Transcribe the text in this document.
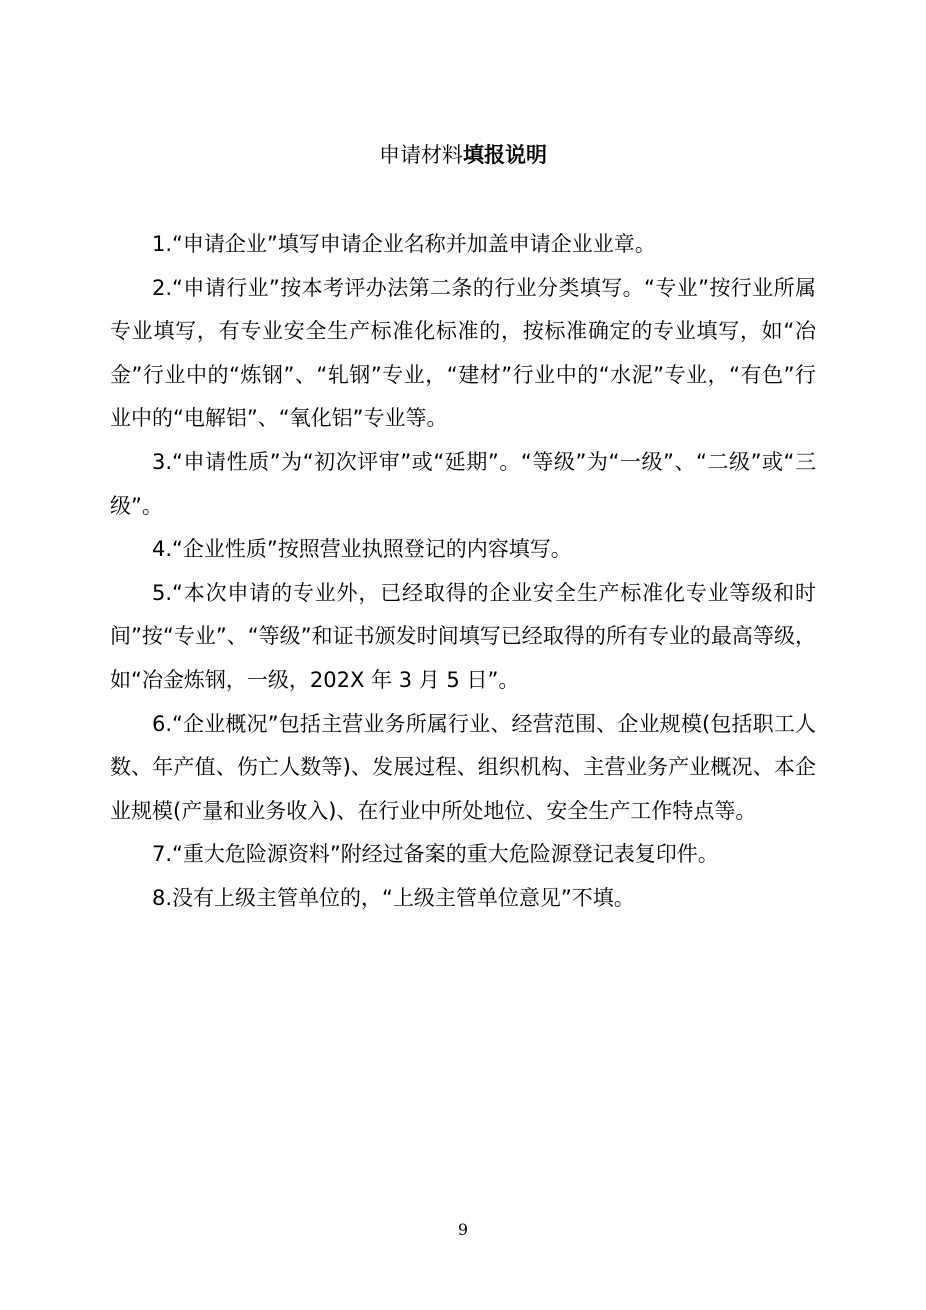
申请材料填报说明

1.“申请企业”填写申请企业名称并加盖申请企业业章。

2.“申请行业”按本考评办法第二条的行业分类填写。“专业”按行业所属专业填写，有专业安全生产标准化标准的，按标准确定的专业填写，如“冶金”行业中的“炼钢”、“轧钢”专业，“建材”行业中的“水泥”专业，“有色”行业中的“电解铝”、“氧化铝”专业等。

3.“申请性质”为“初次评审”或“延期”。“等级”为“一级”、“二级”或“三级”。

4.“企业性质”按照营业执照登记的内容填写。

5.“本次申请的专业外，已经取得的企业安全生产标准化专业等级和时间”按“专业”、“等级”和证书颁发时间填写已经取得的所有专业的最高等级，如“冶金炼钢，一级，202X 年 3 月 5 日”。

6.“企业概况”包括主营业务所属行业、经营范围、企业规模(包括职工人数、年产值、伤亡人数等)、发展过程、组织机构、主营业务产业概况、本企业规模(产量和业务收入)、在行业中所处地位、安全生产工作特点等。

7.“重大危险源资料”附经过备案的重大危险源登记表复印件。

8.没有上级主管单位的，“上级主管单位意见”不填。

9
